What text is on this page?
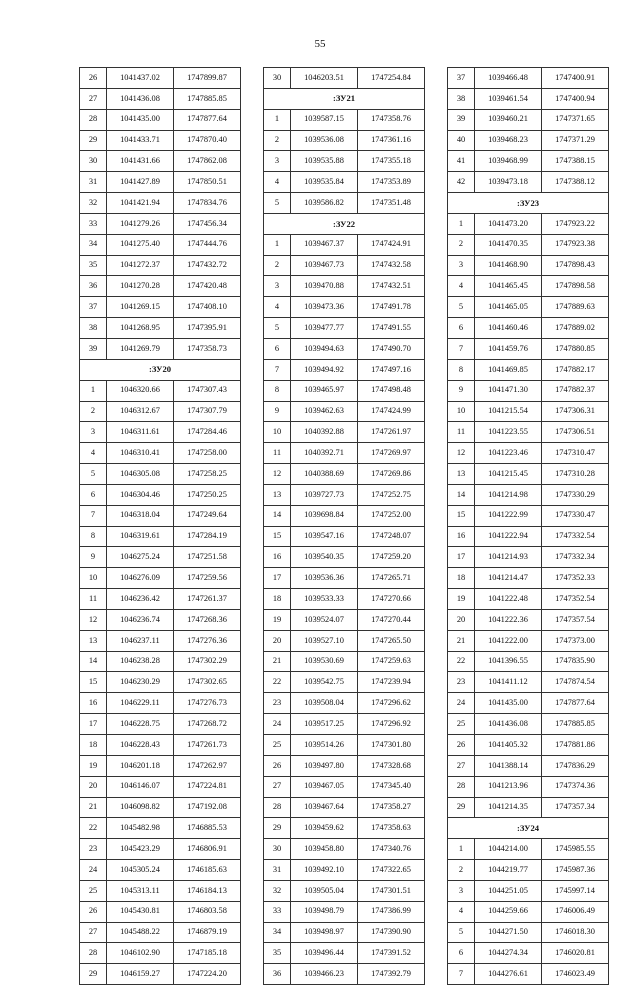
55
26	1041437.02	1747899.87
27	1041436.08	1747885.85
28	1041435.00	1747877.64
29	1041433.71	1747870.40
30	1041431.66	1747862.08
31	1041427.89	1747850.51
32	1041421.94	1747834.76
33	1041279.26	1747456.34
34	1041275.40	1747444.76
35	1041272.37	1747432.72
36	1041270.28	1747420.48
37	1041269.15	1747408.10
38	1041268.95	1747395.91
39	1041269.79	1747358.73
:ЗУ20		
1	1046320.66	1747307.43
2	1046312.67	1747307.79
3	1046311.61	1747284.46
4	1046310.41	1747258.00
5	1046305.08	1747258.25
6	1046304.46	1747250.25
7	1046318.04	1747249.64
8	1046319.61	1747284.19
9	1046275.24	1747251.58
10	1046276.09	1747259.56
11	1046236.42	1747261.37
12	1046236.74	1747268.36
13	1046237.11	1747276.36
14	1046238.28	1747302.29
15	1046230.29	1747302.65
16	1046229.11	1747276.73
17	1046228.75	1747268.72
18	1046228.43	1747261.73
19	1046201.18	1747262.97
20	1046146.07	1747224.81
21	1046098.82	1747192.08
22	1045482.98	1746885.53
23	1045423.29	1746806.91
24	1045305.24	1746185.63
25	1045313.11	1746184.13
26	1045430.81	1746803.58
27	1045488.22	1746879.19
28	1046102.90	1747185.18
29	1046159.27	1747224.20
30	1046203.51	1747254.84
:ЗУ21		
1	1039587.15	1747358.76
2	1039536.08	1747361.16
3	1039535.88	1747355.18
4	1039535.84	1747353.89
5	1039586.82	1747351.48
:ЗУ22		
1	1039467.37	1747424.91
2	1039467.73	1747432.58
3	1039470.88	1747432.51
4	1039473.36	1747491.78
5	1039477.77	1747491.55
6	1039494.63	1747490.70
7	1039494.92	1747497.16
8	1039465.97	1747498.48
9	1039462.63	1747424.99
10	1040392.88	1747261.97
11	1040392.71	1747269.97
12	1040388.69	1747269.86
13	1039727.73	1747252.75
14	1039698.84	1747252.00
15	1039547.16	1747248.07
16	1039540.35	1747259.20
17	1039536.36	1747265.71
18	1039533.33	1747270.66
19	1039524.07	1747270.44
20	1039527.10	1747265.50
21	1039530.69	1747259.63
22	1039542.75	1747239.94
23	1039508.04	1747296.62
24	1039517.25	1747296.92
25	1039514.26	1747301.80
26	1039497.80	1747328.68
27	1039467.05	1747345.40
28	1039467.64	1747358.27
29	1039459.62	1747358.63
30	1039458.80	1747340.76
31	1039492.10	1747322.65
32	1039505.04	1747301.51
33	1039498.79	1747386.99
34	1039498.97	1747390.90
35	1039496.44	1747391.52
36	1039466.23	1747392.79
37	1039466.48	1747400.91
38	1039461.54	1747400.94
39	1039460.21	1747371.65
40	1039468.23	1747371.29
41	1039468.99	1747388.15
42	1039473.18	1747388.12
:ЗУ23		
1	1041473.20	1747923.22
2	1041470.35	1747923.38
3	1041468.90	1747898.43
4	1041465.45	1747898.58
5	1041465.05	1747889.63
6	1041460.46	1747889.02
7	1041459.76	1747880.85
8	1041469.85	1747882.17
9	1041471.30	1747882.37
10	1041215.54	1747306.31
11	1041223.55	1747306.51
12	1041223.46	1747310.47
13	1041215.45	1747310.28
14	1041214.98	1747330.29
15	1041222.99	1747330.47
16	1041222.94	1747332.54
17	1041214.93	1747332.34
18	1041214.47	1747352.33
19	1041222.48	1747352.54
20	1041222.36	1747357.54
21	1041222.00	1747373.00
22	1041396.55	1747835.90
23	1041411.12	1747874.54
24	1041435.00	1747877.64
25	1041436.08	1747885.85
26	1041405.32	1747881.86
27	1041388.14	1747836.29
28	1041213.96	1747374.36
29	1041214.35	1747357.34
:ЗУ24		
1	1044214.00	1745985.55
2	1044219.77	1745987.36
3	1044251.05	1745997.14
4	1044259.66	1746006.49
5	1044271.50	1746018.30
6	1044274.34	1746020.81
7	1044276.61	1746023.49
